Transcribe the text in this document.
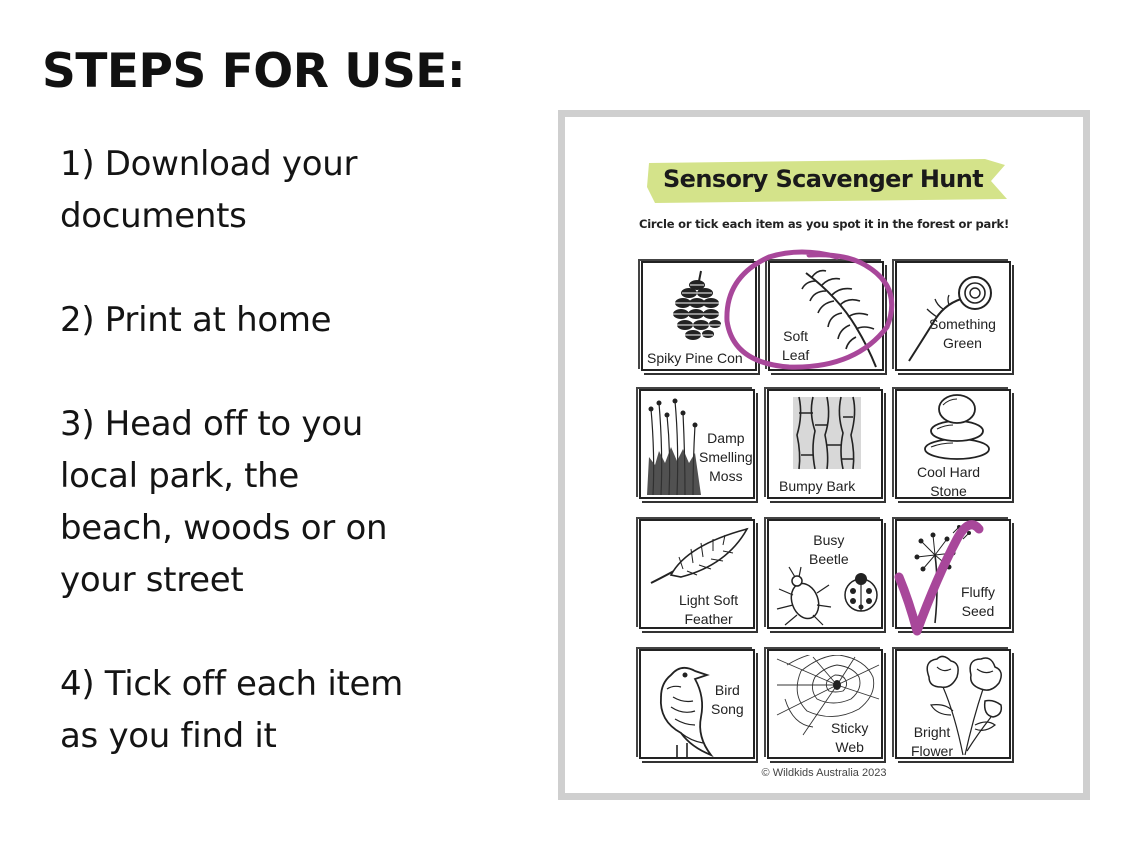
STEPS FOR USE:
1) Download your
documents
2) Print at home
3) Head off to you
local park, the
beach, woods or on
your street
4) Tick off each item
as you find it
Sensory Scavenger Hunt
Circle or tick each item as you spot it in the forest or park!
Spiky Pine Con
Soft
Leaf
Something
Green
Damp
Smelling
Moss
Bumpy Bark
Cool Hard
Stone
Light Soft
Feather
Busy
Beetle
Fluffy
Seed
Bird
Song
Sticky
Web
Bright
Flower
© Wildkids Australia 2023
